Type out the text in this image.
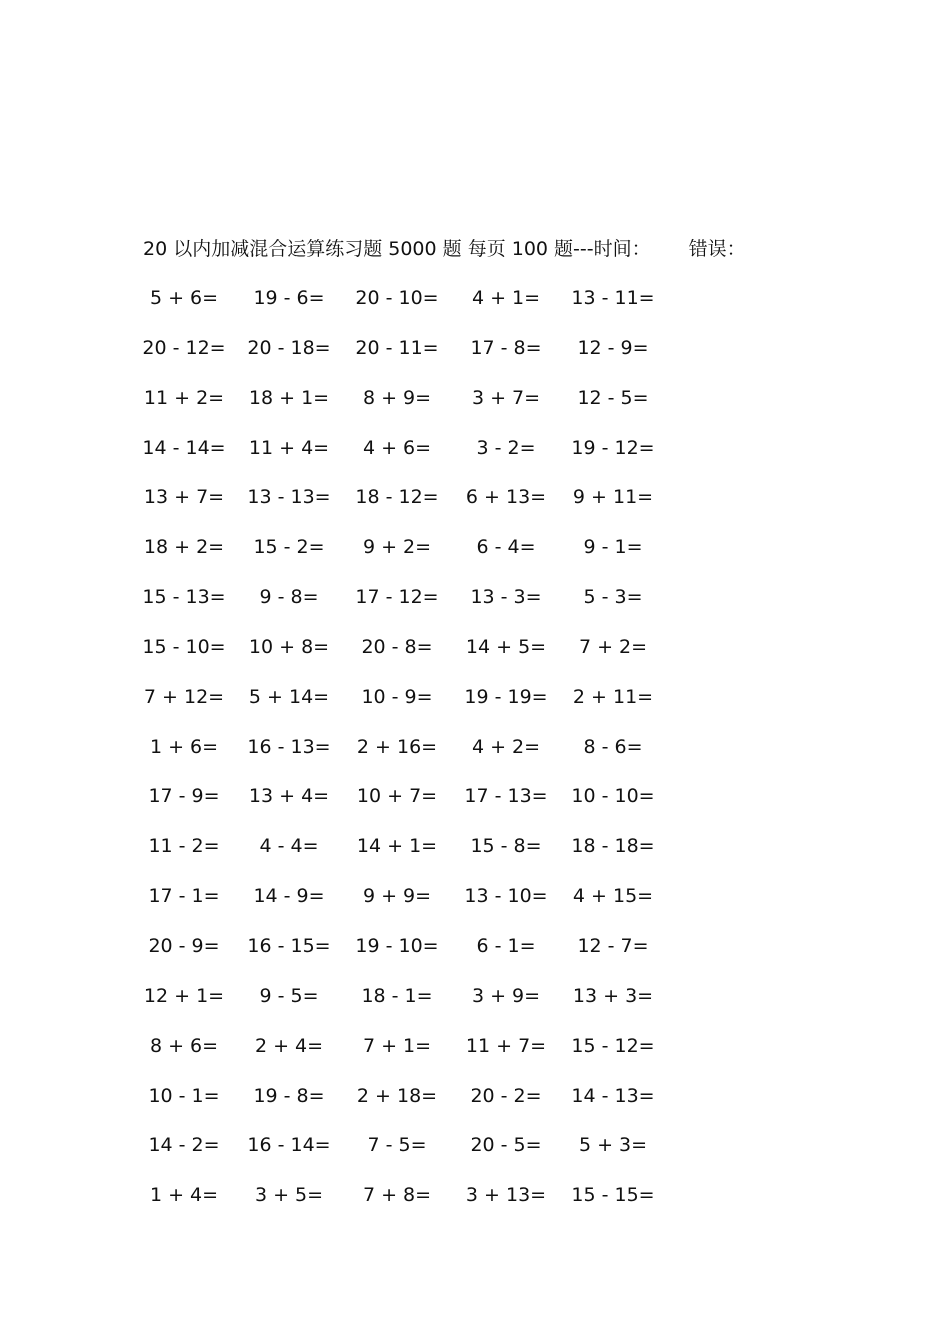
20 以内加减混合运算练习题 5000 题 每页 100 题---时间： 错误：
5 + 6= 19 - 6= 20 - 10= 4 + 1= 13 - 11=
20 - 12= 20 - 18= 20 - 11= 17 - 8= 12 - 9=
11 + 2= 18 + 1= 8 + 9= 3 + 7= 12 - 5=
14 - 14= 11 + 4= 4 + 6= 3 - 2= 19 - 12=
13 + 7= 13 - 13= 18 - 12= 6 + 13= 9 + 11=
18 + 2= 15 - 2= 9 + 2= 6 - 4=	9 - 1=
15 - 13= 9 - 8= 17 - 12= 13 - 3= 5 - 3=
15 - 10= 10 + 8= 20 - 8= 14 + 5= 7 + 2=
7 + 12= 5 + 14= 10 - 9= 19 - 19= 2 + 11=
1 + 6= 16 - 13= 2 + 16= 4 + 2= 8 - 6=
17 - 9= 13 + 4= 10 + 7= 17 - 13= 10 - 10=
11 - 2= 4 - 4= 14 + 1= 15 - 8= 18 - 18=
17 - 1= 14 - 9= 9 + 9= 13 - 10= 4 + 15=
20 - 9= 16 - 15= 19 - 10= 6 - 1= 12 - 7=
12 + 1= 9 - 5= 18 - 1= 3 + 9= 13 + 3=
8 + 6= 2 + 4= 7 + 1= 11 + 7= 15 - 12=
10 - 1= 19 - 8= 2 + 18= 20 - 2= 14 - 13=
14 - 2= 16 - 14= 7 - 5= 20 - 5= 5 + 3=
1 + 4= 3 + 5= 7 + 8= 3 + 13= 15 - 15=
